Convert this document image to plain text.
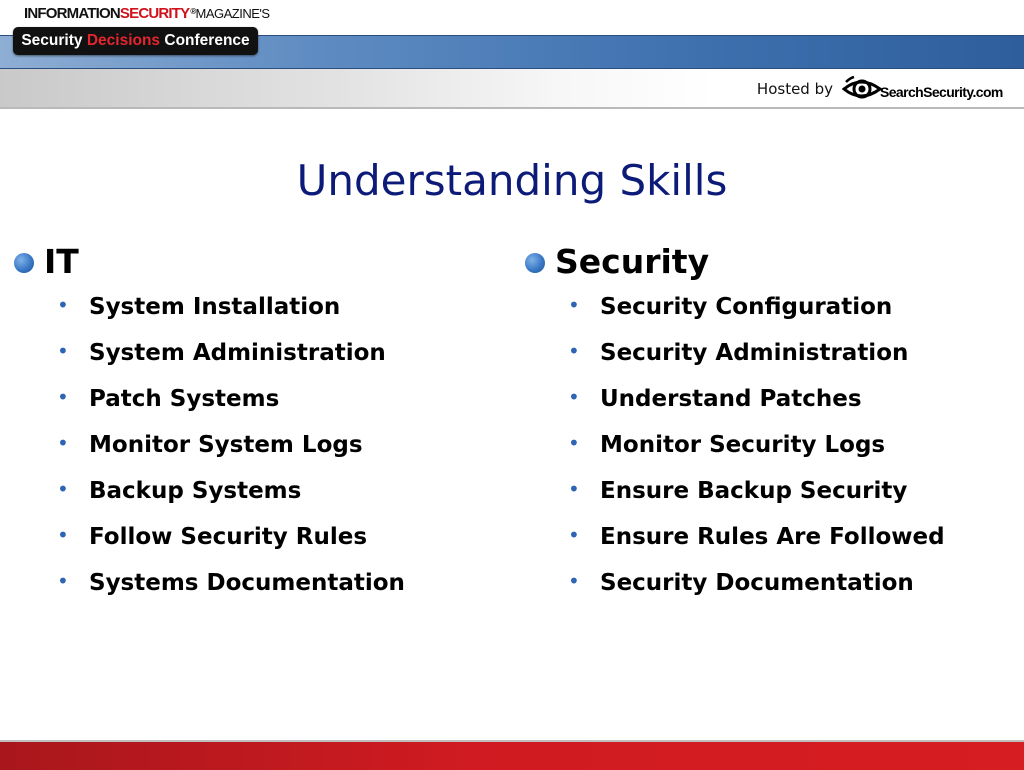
INFORMATIONSECURITY®MAGAZINE'S
Security Decisions Conference
Hosted by	SearchSecurity.com
Understanding Skills
IT
• System Installation
• System Administration
• Patch Systems
• Monitor System Logs
• Backup Systems
• Follow Security Rules
• Systems Documentation
Security
• Security Configuration
• Security Administration
• Understand Patches
• Monitor Security Logs
• Ensure Backup Security
• Ensure Rules Are Followed
• Security Documentation
